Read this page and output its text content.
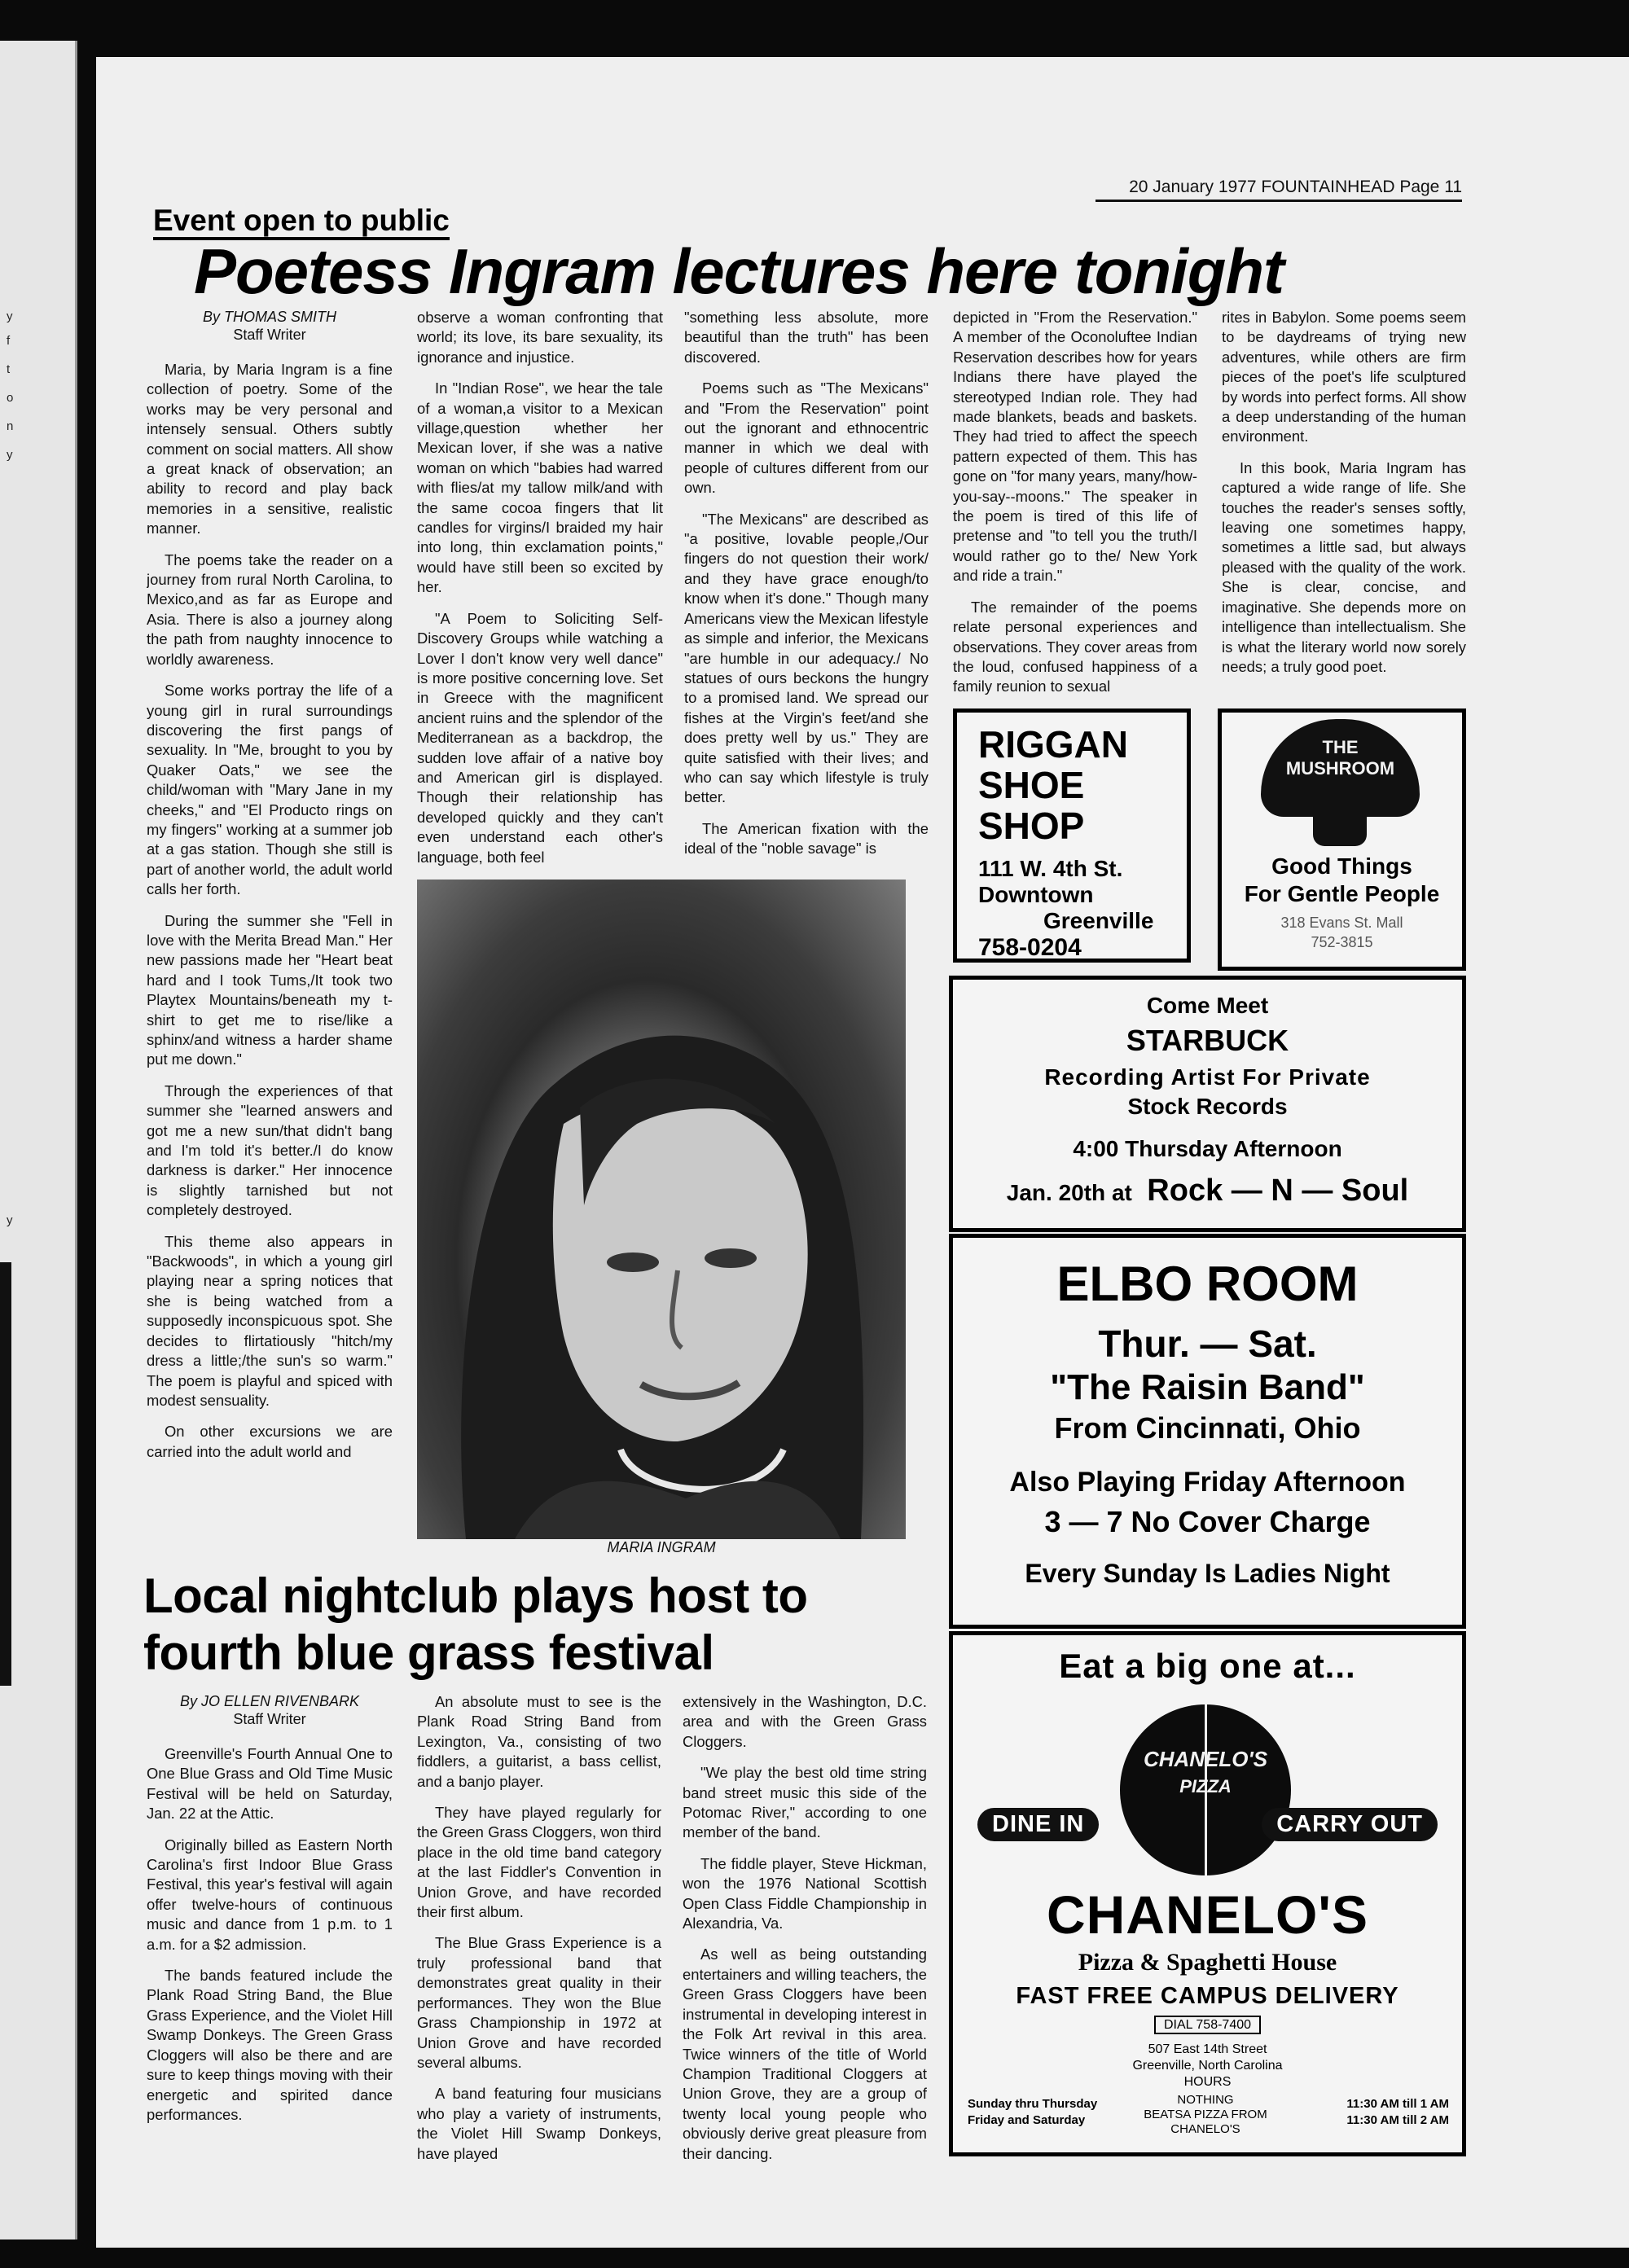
y
f
t
o
n
y
y
20 January 1977 FOUNTAINHEAD Page 11
Event open to public
Poetess Ingram lectures here tonight
By THOMAS SMITH
Staff Writer

Maria, by Maria Ingram is a fine collection of poetry. Some of the works may be very personal and intensely sensual. Others subtly comment on social matters. All show a great knack of observation; an ability to record and play back memories in a sensitive, realistic manner.

The poems take the reader on a journey from rural North Carolina, to Mexico,and as far as Europe and Asia. There is also a journey along the path from naughty innocence to worldly awareness.

Some works portray the life of a young girl in rural surroundings discovering the first pangs of sexuality. In "Me, brought to you by Quaker Oats," we see the child/woman with "Mary Jane in my cheeks," and "El Producto rings on my fingers" working at a summer job at a gas station. Though she still is part of another world, the adult world calls her forth.

During the summer she "Fell in love with the Merita Bread Man." Her new passions made her "Heart beat hard and I took Tums,/It took two Playtex Mountains/beneath my t-shirt to get me to rise/like a sphinx/and witness a harder shame put me down."

Through the experiences of that summer she "learned answers and got me a new sun/that didn't bang and I'm told it's better./I do know darkness is darker." Her innocence is slightly tarnished but not completely destroyed.

This theme also appears in "Backwoods", in which a young girl playing near a spring notices that she is being watched from a supposedly inconspicuous spot. She decides to flirtatiously "hitch/my dress a little;/the sun's so warm." The poem is playful and spiced with modest sensuality.

On other excursions we are carried into the adult world and

observe a woman confronting that world; its love, its bare sexuality, its ignorance and injustice.

In "Indian Rose", we hear the tale of a woman,a visitor to a Mexican village,question whether her Mexican lover, if she was a native woman on which "babies had warred with flies/at my tallow milk/and with the same cocoa fingers that lit candles for virgins/I braided my hair into long, thin exclamation points," would have still been so excited by her.

"A Poem to Soliciting Self-Discovery Groups while watching a Lover I don't know very well dance" is more positive concerning love. Set in Greece with the magnificent ancient ruins and the splendor of the Mediterranean as a backdrop, the sudden love affair of a native boy and American girl is displayed. Though their relationship has developed quickly and they can't even understand each other's language, both feel

"something less absolute, more beautiful than the truth" has been discovered.

Poems such as "The Mexicans" and "From the Reservation" point out the ignorant and ethnocentric manner in which we deal with people of cultures different from our own.

"The Mexicans" are described as "a positive, lovable people,/Our fingers do not question their work/ and they have grace enough/to know when it's done." Though many Americans view the Mexican lifestyle as simple and inferior, the Mexicans "are humble in our adequacy./ No statues of ours beckons the hungry to a promised land. We spread our fishes at the Virgin's feet/and she does pretty well by us." They are quite satisfied with their lives; and who can say which lifestyle is truly better.

The American fixation with the ideal of the "noble savage" is

depicted in "From the Reservation." A member of the Oconoluftee Indian Reservation describes how for years Indians there have played the stereotyped Indian role. They had made blankets, beads and baskets. They had tried to affect the speech pattern expected of them. This has gone on "for many years, many/how-you-say--moons." The speaker in the poem is tired of this life of pretense and "to tell you the truth/I would rather go to the/ New York and ride a train."

The remainder of the poems relate personal experiences and observations. They cover areas from the loud, confused happiness of a family reunion to sexual

rites in Babylon. Some poems seem to be daydreams of trying new adventures, while others are firm pieces of the poet's life sculptured by words into perfect forms. All show a deep understanding of the human environment.

In this book, Maria Ingram has captured a wide range of life. She touches the reader's senses softly, leaving one sometimes happy, sometimes a little sad, but always pleased with the quality of the work. She is clear, concise, and imaginative. She depends more on intelligence than intellectualism. She is what the literary world now sorely needs; a truly good poet.

MARIA INGRAM
Local nightclub plays host to fourth blue grass festival
By JO ELLEN RIVENBARK
Staff Writer

Greenville's Fourth Annual One to One Blue Grass and Old Time Music Festival will be held on Saturday, Jan. 22 at the Attic.

Originally billed as Eastern North Carolina's first Indoor Blue Grass Festival, this year's festival will again offer twelve-hours of continuous music and dance from 1 p.m. to 1 a.m. for a $2 admission.

The bands featured include the Plank Road String Band, the Blue Grass Experience, and the Violet Hill Swamp Donkeys. The Green Grass Cloggers will also be there and are sure to keep things moving with their energetic and spirited dance performances.

An absolute must to see is the Plank Road String Band from Lexington, Va., consisting of two fiddlers, a guitarist, a bass cellist, and a banjo player.

They have played regularly for the Green Grass Cloggers, won third place in the old time band category at the last Fiddler's Convention in Union Grove, and have recorded their first album.

The Blue Grass Experience is a truly professional band that demonstrates great quality in their performances. They won the Blue Grass Championship in 1972 at Union Grove and have recorded several albums.

A band featuring four musicians who play a variety of instruments, the Violet Hill Swamp Donkeys, have played

extensively in the Washington, D.C. area and with the Green Grass Cloggers.

"We play the best old time string band street music this side of the Potomac River," according to one member of the band.

The fiddle player, Steve Hickman, won the 1976 National Scottish Open Class Fiddle Championship in Alexandria, Va.

As well as being outstanding entertainers and willing teachers, the Green Grass Cloggers have been instrumental in developing interest in the Folk Art revival in this area. Twice winners of the title of World Champion Traditional Cloggers at Union Grove, they are a group of twenty local young people who obviously derive great pleasure from their dancing.

RIGGAN
SHOE
SHOP
111 W. 4th St.
Downtown
Greenville
758-0204
THE
MUSHROOM
Good Things
For Gentle People
318 Evans St. Mall
752-3815
Come Meet
STARBUCK
Recording Artist For Private
Stock Records
4:00 Thursday Afternoon
Jan. 20th at Rock — N — Soul
ELBO ROOM
Thur. — Sat.
"The Raisin Band"
From Cincinnati, Ohio
Also Playing Friday Afternoon
3 — 7 No Cover Charge
Every Sunday Is Ladies Night
Eat a big one at...
CHANELO'S
PIZZA
DINE IN	CARRY OUT
CHANELO'S
Pizza & Spaghetti House
FAST FREE CAMPUS DELIVERY
DIAL 758-7400
507 East 14th Street
Greenville, North Carolina
HOURS
Sunday thru Thursday
Friday and Saturday
NOTHING
BEATSA PIZZA FROM
CHANELO'S
11:30 AM till 1 AM
11:30 AM till 2 AM
